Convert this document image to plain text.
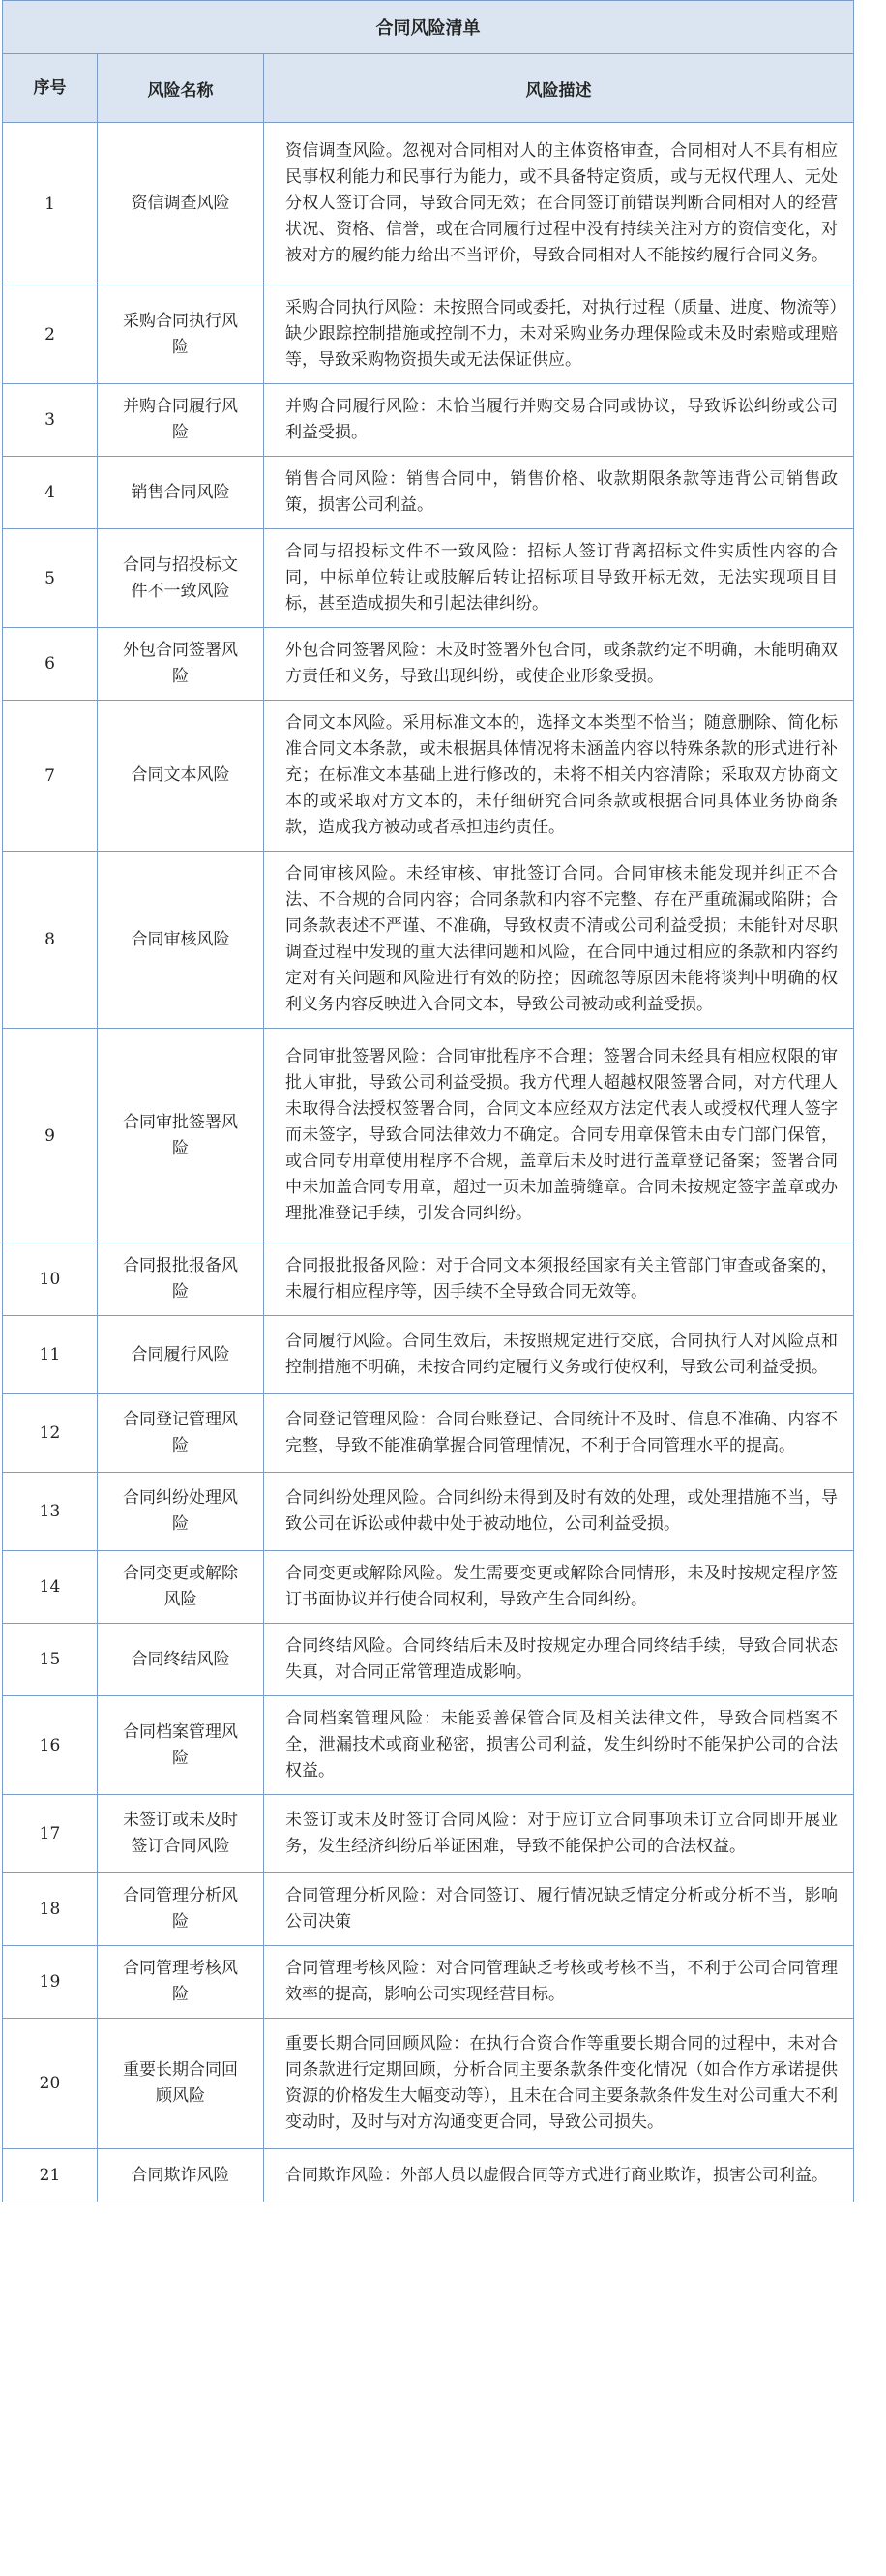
合同风险清单		

序号	风险名称	风险描述
1	资信调查风险	资信调查风险。忽视对合同相对人的主体资格审查，合同相对人不具有相应民事权利能力和民事行为能力，或不具备特定资质，或与无权代理人、无处分权人签订合同，导致合同无效；在合同签订前错误判断合同相对人的经营状况、资格、信誉，或在合同履行过程中没有持续关注对方的资信变化，对被对方的履约能力给出不当评价，导致合同相对人不能按约履行合同义务。
2	采购合同执行风险	采购合同执行风险：未按照合同或委托，对执行过程（质量、进度、物流等）缺少跟踪控制措施或控制不力，未对采购业务办理保险或未及时索赔或理赔等，导致采购物资损失或无法保证供应。
3	并购合同履行风险	并购合同履行风险：未恰当履行并购交易合同或协议，导致诉讼纠纷或公司利益受损。
4	销售合同风险	销售合同风险：销售合同中，销售价格、收款期限条款等违背公司销售政策，损害公司利益。
5	合同与招投标文件不一致风险	合同与招投标文件不一致风险：招标人签订背离招标文件实质性内容的合同，中标单位转让或肢解后转让招标项目导致开标无效，无法实现项目目标，甚至造成损失和引起法律纠纷。
6	外包合同签署风险	外包合同签署风险：未及时签署外包合同，或条款约定不明确，未能明确双方责任和义务，导致出现纠纷，或使企业形象受损。
7	合同文本风险	合同文本风险。采用标准文本的，选择文本类型不恰当；随意删除、简化标准合同文本条款，或未根据具体情况将未涵盖内容以特殊条款的形式进行补充；在标准文本基础上进行修改的，未将不相关内容清除；采取双方协商文本的或采取对方文本的，未仔细研究合同条款或根据合同具体业务协商条款，造成我方被动或者承担违约责任。
8	合同审核风险	合同审核风险。未经审核、审批签订合同。合同审核未能发现并纠正不合法、不合规的合同内容；合同条款和内容不完整、存在严重疏漏或陷阱；合同条款表述不严谨、不准确，导致权责不清或公司利益受损；未能针对尽职调查过程中发现的重大法律问题和风险，在合同中通过相应的条款和内容约定对有关问题和风险进行有效的防控；因疏忽等原因未能将谈判中明确的权利义务内容反映进入合同文本，导致公司被动或利益受损。
9	合同审批签署风险	合同审批签署风险：合同审批程序不合理；签署合同未经具有相应权限的审批人审批，导致公司利益受损。我方代理人超越权限签署合同，对方代理人未取得合法授权签署合同，合同文本应经双方法定代表人或授权代理人签字而未签字，导致合同法律效力不确定。合同专用章保管未由专门部门保管，或合同专用章使用程序不合规，盖章后未及时进行盖章登记备案；签署合同中未加盖合同专用章，超过一页未加盖骑缝章。合同未按规定签字盖章或办理批准登记手续，引发合同纠纷。
10	合同报批报备风险	合同报批报备风险：对于合同文本须报经国家有关主管部门审查或备案的，未履行相应程序等，因手续不全导致合同无效等。
11	合同履行风险	合同履行风险。合同生效后，未按照规定进行交底，合同执行人对风险点和控制措施不明确，未按合同约定履行义务或行使权利，导致公司利益受损。
12	合同登记管理风险	合同登记管理风险：合同台账登记、合同统计不及时、信息不准确、内容不完整，导致不能准确掌握合同管理情况，不利于合同管理水平的提高。
13	合同纠纷处理风险	合同纠纷处理风险。合同纠纷未得到及时有效的处理，或处理措施不当，导致公司在诉讼或仲裁中处于被动地位，公司利益受损。
14	合同变更或解除风险	合同变更或解除风险。发生需要变更或解除合同情形，未及时按规定程序签订书面协议并行使合同权利，导致产生合同纠纷。
15	合同终结风险	合同终结风险。合同终结后未及时按规定办理合同终结手续，导致合同状态失真，对合同正常管理造成影响。
16	合同档案管理风险	合同档案管理风险：未能妥善保管合同及相关法律文件，导致合同档案不全，泄漏技术或商业秘密，损害公司利益，发生纠纷时不能保护公司的合法权益。
17	未签订或未及时签订合同风险	未签订或未及时签订合同风险：对于应订立合同事项未订立合同即开展业务，发生经济纠纷后举证困难，导致不能保护公司的合法权益。
18	合同管理分析风险	合同管理分析风险：对合同签订、履行情况缺乏情定分析或分析不当，影响公司决策
19	合同管理考核风险	合同管理考核风险：对合同管理缺乏考核或考核不当，不利于公司合同管理效率的提高，影响公司实现经营目标。
20	重要长期合同回顾风险	重要长期合同回顾风险：在执行合资合作等重要长期合同的过程中，未对合同条款进行定期回顾，分析合同主要条款条件变化情况（如合作方承诺提供资源的价格发生大幅变动等），且未在合同主要条款条件发生对公司重大不利变动时，及时与对方沟通变更合同，导致公司损失。
21	合同欺诈风险	合同欺诈风险：外部人员以虚假合同等方式进行商业欺诈，损害公司利益。
